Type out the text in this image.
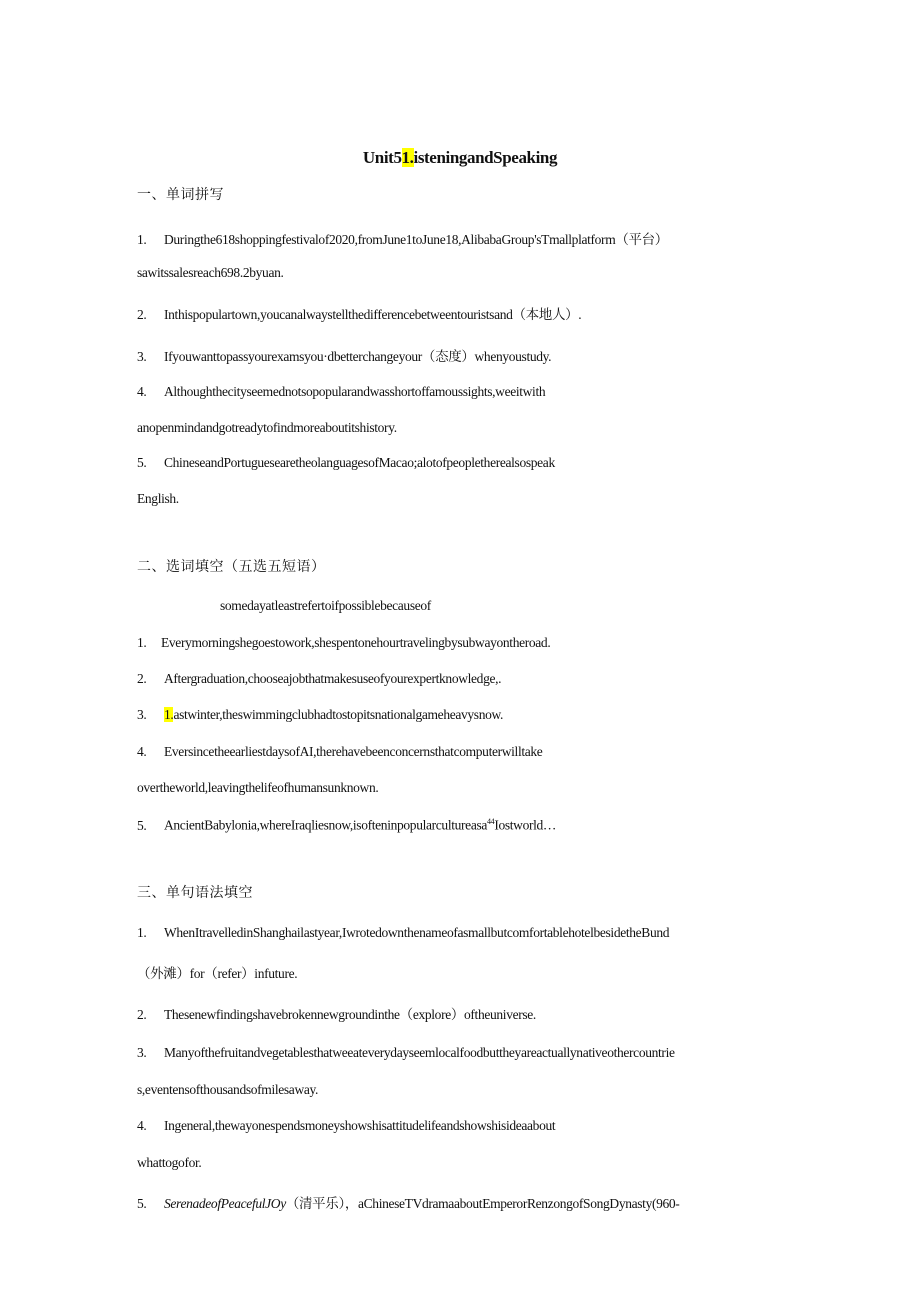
Unit51.isteningandSpeaking
一、单词拼写
1. Duringthe618shoppingfestivalof2020,fromJune1toJune18,AlibabaGroup'sTmallplatform（平台）
sawitssalesreach698.2byuan.
2. Inthispopulartown,youcanalwaystellthedifferencebetweentouristsand（本地人）.
3. Ifyouwanttopassyourexamsyou·dbetterchangeyour（态度）whenyoustudy.
4. Althoughthecityseemednotsopopularandwasshortoffamoussights,weeitwith
anopenmindandgotreadytofindmoreaboutitshistory.
5. ChineseandPortuguesearetheolanguagesofMacao;alotofpeopletherealsospeak
English.
二、选词填空（五选五短语）
somedayatleastrefertoifpossiblebecauseof
1. Everymorningshegoestowork,shespentonehourtravelingbysubwayontheroad.
2. Aftergraduation,chooseajobthatmakesuseofyourexpertknowledge,.
3. 1.astwinter,theswimmingclubhadtostopitsnationalgameheavysnow.
4. EversincetheearliestdaysofAI,therehavebeenconcernsthatcomputerwilltake
overtheworld,leavingthelifeofhumansunknown.
5. AncientBabylonia,whereIraqliesnow,isofteninpopularcultureasa$^{44}$Iostworld…
三、单句语法填空
1. WhenItravelledinShanghailastyear,IwrotedownthenameofasmallbutcomfortablehotelbesidetheBund
（外滩）for（refer）infuture.
2. Thesenewfindingshavebrokennewgroundinthe（explore）oftheuniverse.
3. Manyofthefruitandvegetablesthatweeateverydayseemlocalfoodbuttheyareactuallynativeothercountrie
s,eventensofthousandsofmilesaway.
4. Ingeneral,thewayonespendsmoneyshowshisattitudelifeandshowshisideaabout
whattogofor.
5. SerenadeofPeacefulJOy（清平乐），aChineseTVdramaaboutEmperorRenzongofSongDynasty(960-
